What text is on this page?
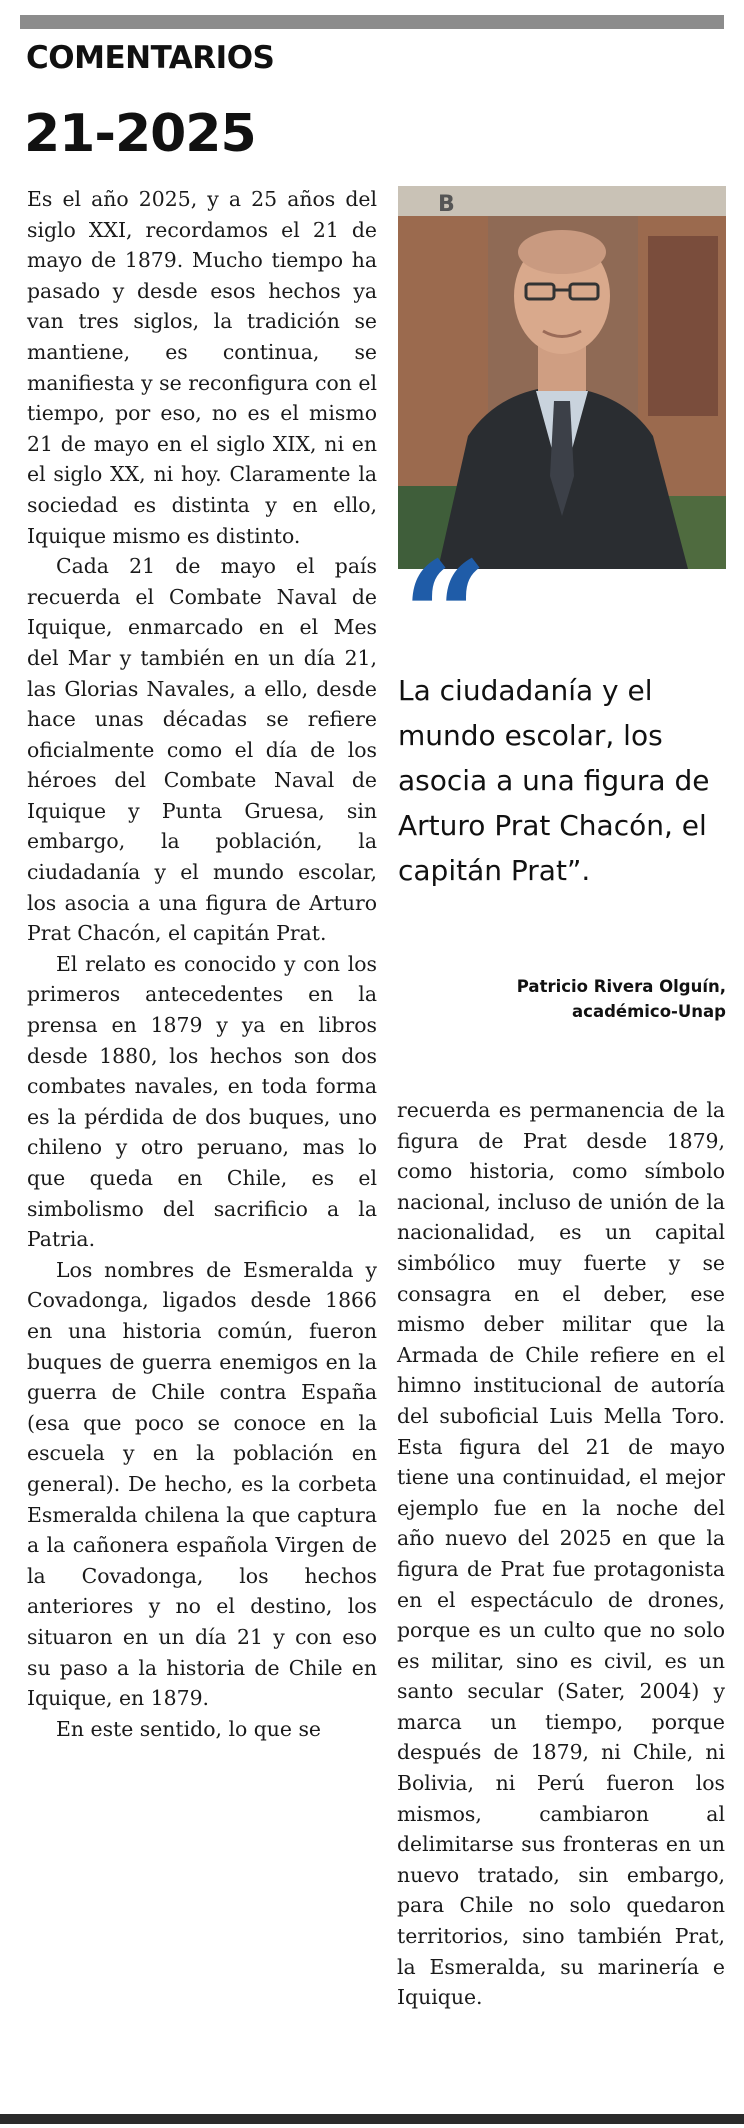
COMENTARIOS
21-2025

Es el año 2025, y a 25 años del siglo XXI, recordamos el 21 de mayo de 1879. Mucho tiempo ha pasado y desde esos hechos ya van tres siglos, la tradición se mantiene, es continua, se manifiesta y se reconfigura con el tiempo, por eso, no es el mismo 21 de mayo en el siglo XIX, ni en el siglo XX, ni hoy. Claramente la sociedad es distinta y en ello, Iquique mismo es distinto.

Cada 21 de mayo el país recuerda el Combate Naval de Iquique, enmarcado en el Mes del Mar y también en un día 21, las Glorias Navales, a ello, desde hace unas décadas se refiere oficialmente como el día de los héroes del Combate Naval de Iquique y Punta Gruesa, sin embargo, la población, la ciudadanía y el mundo escolar, los asocia a una figura de Arturo Prat Chacón, el capitán Prat.

El relato es conocido y con los primeros antecedentes en la prensa en 1879 y ya en libros desde 1880, los hechos son dos combates navales, en toda forma es la pérdida de dos buques, uno chileno y otro peruano, mas lo que queda en Chile, es el simbolismo del sacrificio a la Patria.

Los nombres de Esmeralda y Covadonga, ligados desde 1866 en una historia común, fueron buques de guerra enemigos en la guerra de Chile contra España (esa que poco se conoce en la escuela y en la población en general). De hecho, es la corbeta Esmeralda chilena la que captura a la cañonera española Virgen de la Covadonga, los hechos anteriores y no el destino, los situaron en un día 21 y con eso su paso a la historia de Chile en Iquique, en 1879.

En este sentido, lo que se

B
“
La ciudadanía y el mundo escolar, los asocia a una figura de Arturo Prat Chacón, el capitán Prat”.
Patricio Rivera Olguín,
académico-Unap

recuerda es permanencia de la figura de Prat desde 1879, como historia, como símbolo nacional, incluso de unión de la nacionalidad, es un capital simbólico muy fuerte y se consagra en el deber, ese mismo deber militar que la Armada de Chile refiere en el himno institucional de autoría del suboficial Luis Mella Toro. Esta figura del 21 de mayo tiene una continuidad, el mejor ejemplo fue en la noche del año nuevo del 2025 en que la figura de Prat fue protagonista en el espectáculo de drones, porque es un culto que no solo es militar, sino es civil, es un santo secular (Sater, 2004) y marca un tiempo, porque después de 1879, ni Chile, ni Bolivia, ni Perú fueron los mismos, cambiaron al delimitarse sus fronteras en un nuevo tratado, sin embargo, para Chile no solo quedaron territorios, sino también Prat, la Esmeralda, su marinería e Iquique.
